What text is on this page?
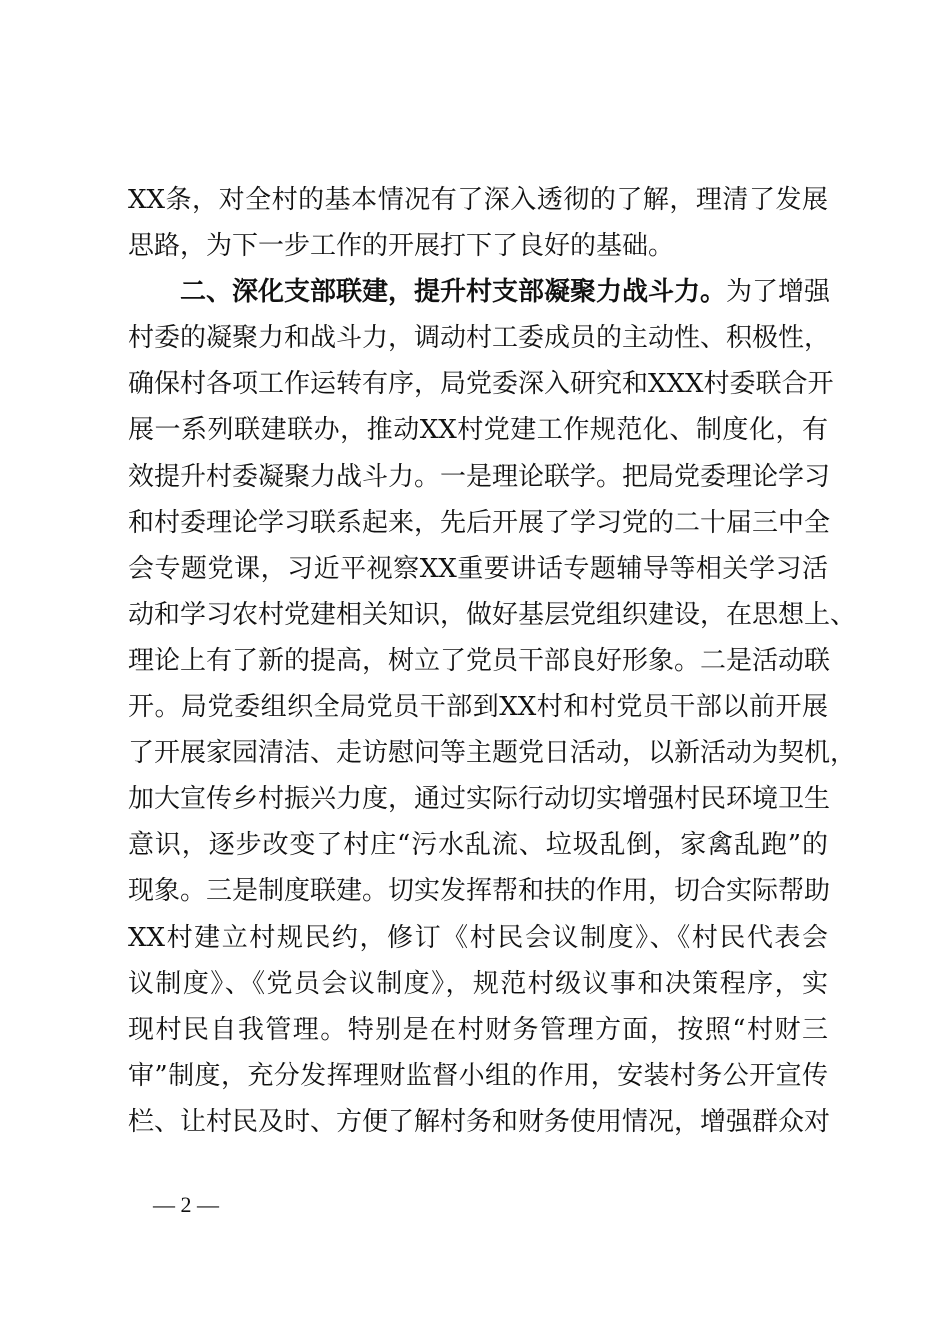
XX条，对全村的基本情况有了深入透彻的了解，理清了发展
思路，为下一步工作的开展打下了良好的基础。
二、深化支部联建，提升村支部凝聚力战斗力。为了增强
村委的凝聚力和战斗力，调动村工委成员的主动性、积极性，
确保村各项工作运转有序，局党委深入研究和XXX村委联合开
展一系列联建联办，推动XX村党建工作规范化、制度化，有
效提升村委凝聚力战斗力。一是理论联学。把局党委理论学习
和村委理论学习联系起来，先后开展了学习党的二十届三中全
会专题党课，习近平视察XX重要讲话专题辅导等相关学习活
动和学习农村党建相关知识，做好基层党组织建设，在思想上、
理论上有了新的提高，树立了党员干部良好形象。二是活动联
开。局党委组织全局党员干部到XX村和村党员干部以前开展
了开展家园清洁、走访慰问等主题党日活动，以新活动为契机，
加大宣传乡村振兴力度，通过实际行动切实增强村民环境卫生
意识，逐步改变了村庄“污水乱流、垃圾乱倒，家禽乱跑”的
现象。三是制度联建。切实发挥帮和扶的作用，切合实际帮助
XX村建立村规民约，修订《村民会议制度》、《村民代表会
议制度》、《党员会议制度》，规范村级议事和决策程序，实
现村民自我管理。特别是在村财务管理方面，按照“村财三
审”制度，充分发挥理财监督小组的作用，安装村务公开宣传
栏、让村民及时、方便了解村务和财务使用情况，增强群众对
— 2 —
